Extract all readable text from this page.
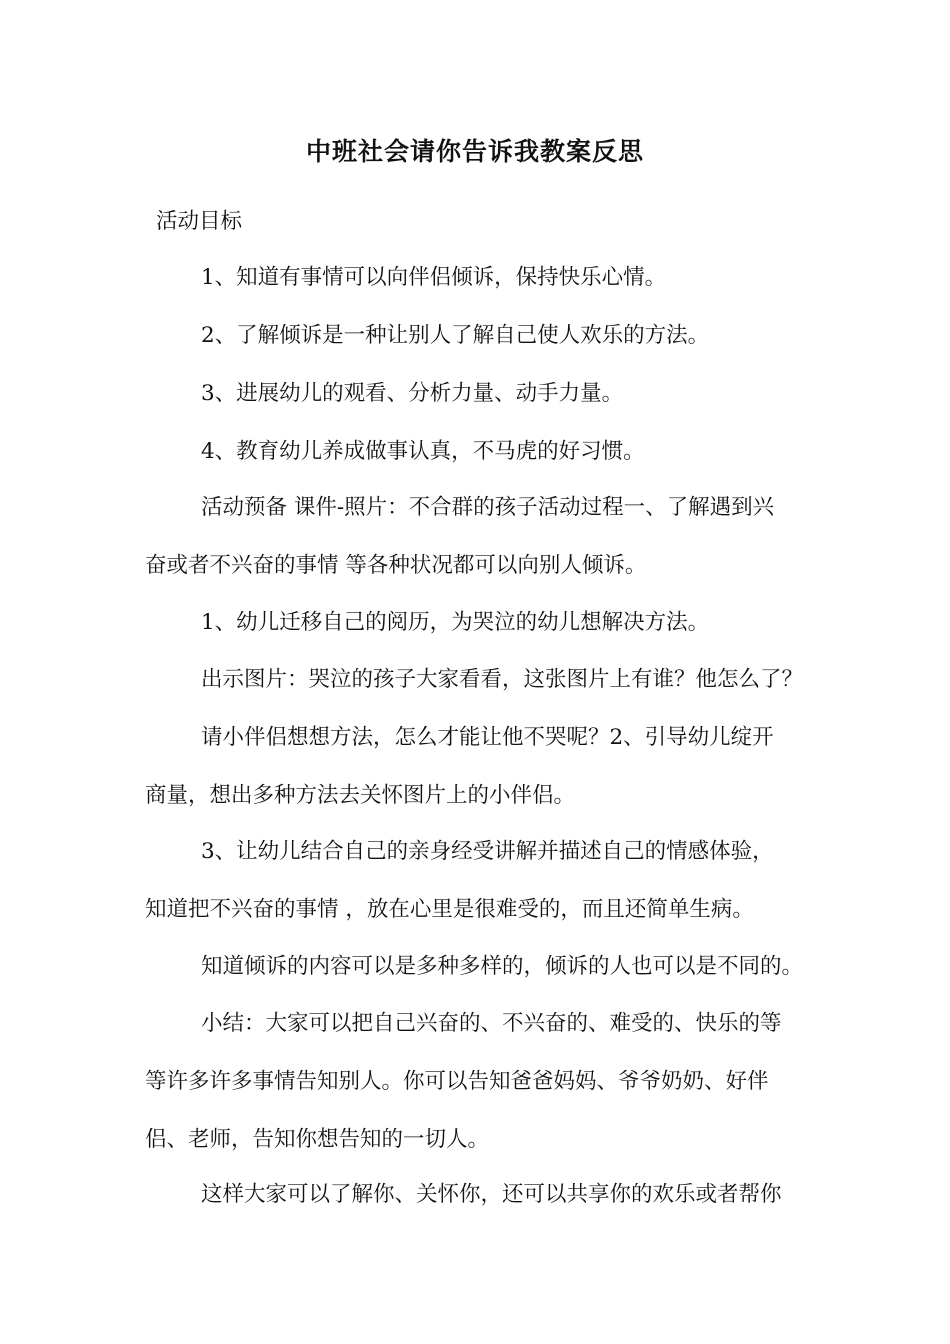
中班社会请你告诉我教案反思
活动目标
1、知道有事情可以向伴侣倾诉，保持快乐心情。
2、了解倾诉是一种让别人了解自己使人欢乐的方法。
3、进展幼儿的观看、分析力量、动手力量。
4、教育幼儿养成做事认真，不马虎的好习惯。
活动预备 课件-照片：不合群的孩子活动过程一、了解遇到兴
奋或者不兴奋的事情 等各种状况都可以向别人倾诉。
1、幼儿迁移自己的阅历，为哭泣的幼儿想解决方法。
出示图片：哭泣的孩子大家看看，这张图片上有谁？他怎么了？
请小伴侣想想方法，怎么才能让他不哭呢？2、引导幼儿绽开
商量，想出多种方法去关怀图片上的小伴侣。
3、让幼儿结合自己的亲身经受讲解并描述自己的情感体验，
知道把不兴奋的事情 ，放在心里是很难受的，而且还简单生病。
知道倾诉的内容可以是多种多样的，倾诉的人也可以是不同的。
小结：大家可以把自己兴奋的、不兴奋的、难受的、快乐的等
等许多许多事情告知别人。你可以告知爸爸妈妈、爷爷奶奶、好伴
侣、老师，告知你想告知的一切人。
这样大家可以了解你、关怀你，还可以共享你的欢乐或者帮你
